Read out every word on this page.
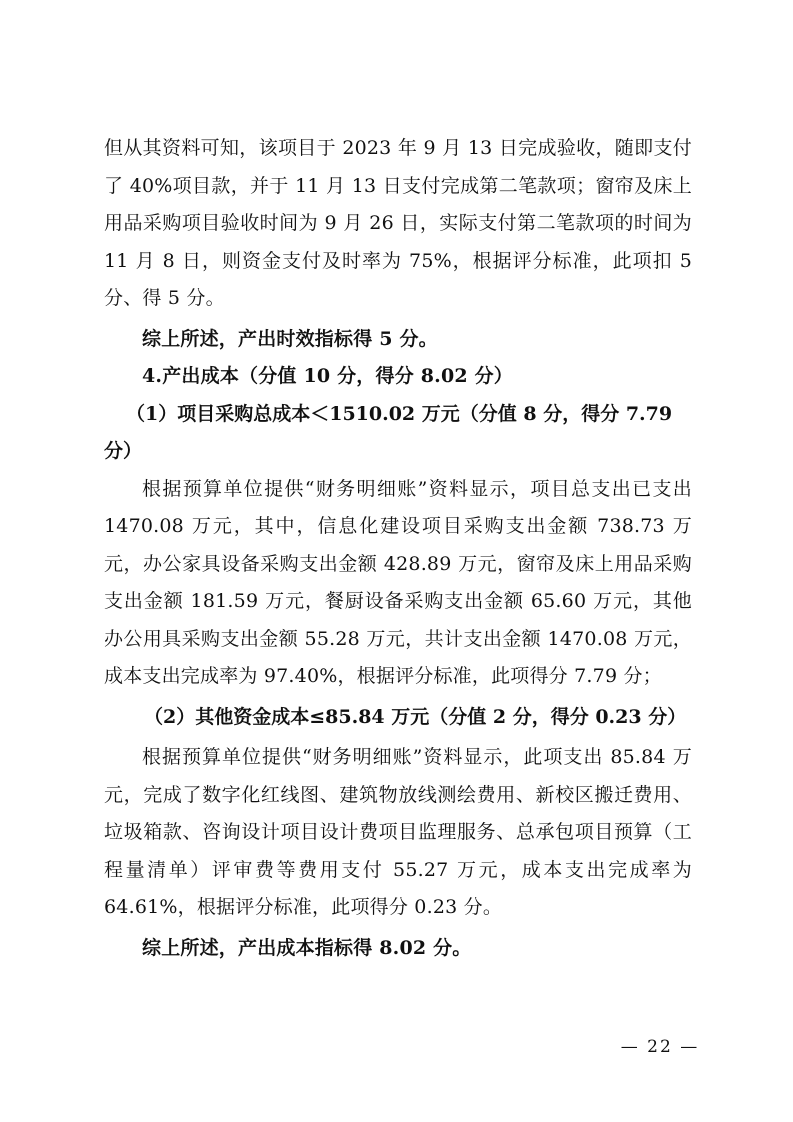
但从其资料可知，该项目于 2023 年 9 月 13 日完成验收，随即支付了 40%项目款，并于 11 月 13 日支付完成第二笔款项；窗帘及床上用品采购项目验收时间为 9 月 26 日，实际支付第二笔款项的时间为 11 月 8 日，则资金支付及时率为 75%，根据评分标准，此项扣 5 分、得 5 分。

综上所述，产出时效指标得 5 分。

4.产出成本（分值 10 分，得分 8.02 分）

（1）项目采购总成本＜1510.02 万元（分值 8 分，得分 7.79 分）

根据预算单位提供“财务明细账”资料显示，项目总支出已支出 1470.08 万元，其中，信息化建设项目采购支出金额 738.73 万元，办公家具设备采购支出金额 428.89 万元，窗帘及床上用品采购支出金额 181.59 万元，餐厨设备采购支出金额 65.60 万元，其他办公用具采购支出金额 55.28 万元，共计支出金额 1470.08 万元，成本支出完成率为 97.40%，根据评分标准，此项得分 7.79 分；

（2）其他资金成本≤85.84 万元（分值 2 分，得分 0.23 分）

根据预算单位提供“财务明细账”资料显示，此项支出 85.84 万元，完成了数字化红线图、建筑物放线测绘费用、新校区搬迁费用、垃圾箱款、咨询设计项目设计费项目监理服务、总承包项目预算（工程量清单）评审费等费用支付 55.27 万元，成本支出完成率为 64.61%，根据评分标准，此项得分 0.23 分。

综上所述，产出成本指标得 8.02 分。

— 22 —
